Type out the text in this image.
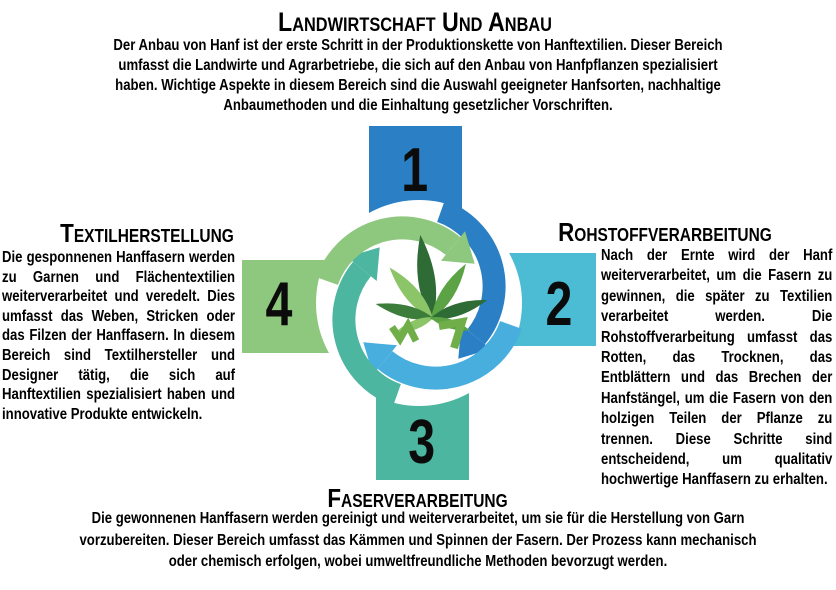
Landwirtschaft Und Anbau

Der Anbau von Hanf ist der erste Schritt in der Produktionskette von Hanftextilien. Dieser Bereich umfasst die Landwirte und Agrarbetriebe, die sich auf den Anbau von Hanfpflanzen spezialisiert haben. Wichtige Aspekte in diesem Bereich sind die Auswahl geeigneter Hanfsorten, nachhaltige Anbaumethoden und die Einhaltung gesetzlicher Vorschriften.

Textilherstellung

Die gesponnenen Hanffasern werden zu Garnen und Flächentextilien weiterverarbeitet und veredelt. Dies umfasst das Weben, Stricken oder das Filzen der Hanffasern. In diesem Bereich sind Textilhersteller und Designer tätig, die sich auf Hanftextilien spezialisiert haben und innovative Produkte entwickeln.

Rohstoffverarbeitung

Nach der Ernte wird der Hanf weiterverarbeitet, um die Fasern zu gewinnen, die später zu Textilien verarbeitet werden. Die Rohstoffverarbeitung umfasst das Rotten, das Trocknen, das Entblättern und das Brechen der Hanfstängel, um die Fasern von den holzigen Teilen der Pflanze zu trennen. Diese Schritte sind entscheidend, um qualitativ hochwertige Hanffasern zu erhalten.

Faserverarbeitung

Die gewonnenen Hanffasern werden gereinigt und weiterverarbeitet, um sie für die Herstellung von Garn vorzubereiten. Dieser Bereich umfasst das Kämmen und Spinnen der Fasern. Der Prozess kann mechanisch oder chemisch erfolgen, wobei umweltfreundliche Methoden bevorzugt werden.

1
2
3
4
